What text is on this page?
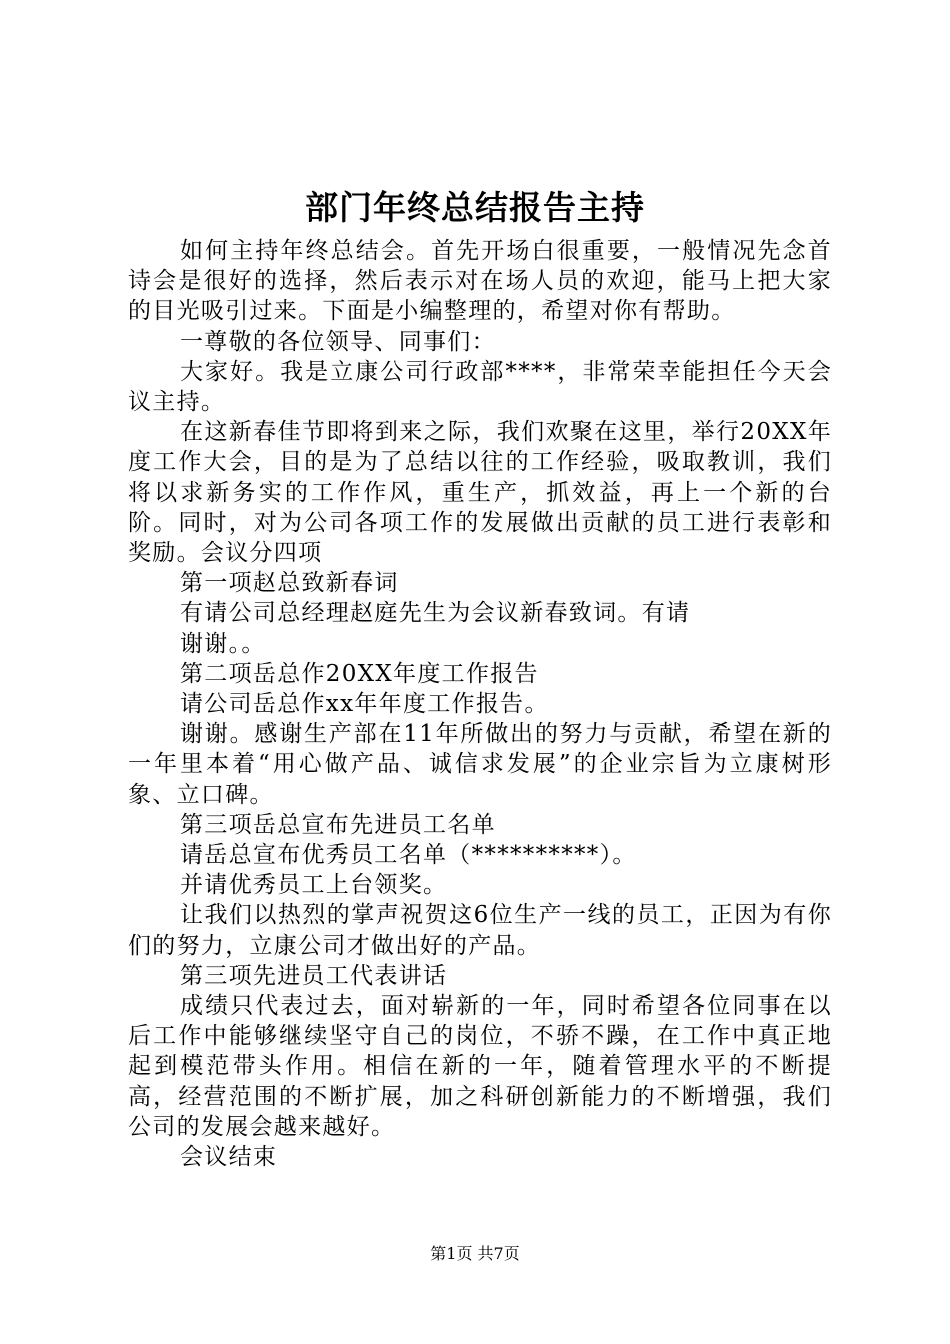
部门年终总结报告主持

如何主持年终总结会。首先开场白很重要，一般情况先念首诗会是很好的选择，然后表示对在场人员的欢迎，能马上把大家的目光吸引过来。下面是小编整理的，希望对你有帮助。

一尊敬的各位领导、同事们：

大家好。我是立康公司行政部****，非常荣幸能担任今天会议主持。

在这新春佳节即将到来之际，我们欢聚在这里，举行20XX年度工作大会，目的是为了总结以往的工作经验，吸取教训，我们将以求新务实的工作作风，重生产，抓效益，再上一个新的台阶。同时，对为公司各项工作的发展做出贡献的员工进行表彰和奖励。会议分四项

第一项赵总致新春词

有请公司总经理赵庭先生为会议新春致词。有请

谢谢。。

第二项岳总作20XX年度工作报告

请公司岳总作xx年年度工作报告。

谢谢。感谢生产部在11年所做出的努力与贡献，希望在新的一年里本着“用心做产品、诚信求发展”的企业宗旨为立康树形象、立口碑。

第三项岳总宣布先进员工名单

请岳总宣布优秀员工名单（**********）。

并请优秀员工上台领奖。

让我们以热烈的掌声祝贺这6位生产一线的员工，正因为有你们的努力，立康公司才做出好的产品。

第三项先进员工代表讲话

成绩只代表过去，面对崭新的一年，同时希望各位同事在以后工作中能够继续坚守自己的岗位，不骄不躁，在工作中真正地起到模范带头作用。相信在新的一年，随着管理水平的不断提高，经营范围的不断扩展，加之科研创新能力的不断增强，我们公司的发展会越来越好。

会议结束

第1页 共7页
